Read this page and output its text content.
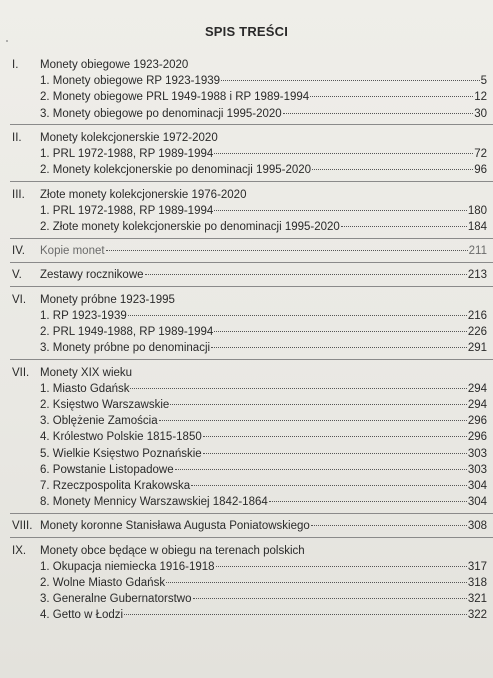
SPIS TREŚCI
I.	Monety obiegowe 1923-2020
1. Monety obiegowe RP 1923-1939	5
2. Monety obiegowe PRL 1949-1988 i RP 1989-1994	12
3. Monety obiegowe po denominacji 1995-2020	30
II.	Monety kolekcjonerskie 1972-2020
1. PRL 1972-1988, RP 1989-1994	72
2. Monety kolekcjonerskie po denominacji 1995-2020	96
III.	Złote monety kolekcjonerskie 1976-2020
1. PRL 1972-1988, RP 1989-1994	180
2. Złote monety kolekcjonerskie po denominacji 1995-2020	184
IV.	Kopie monet	211
V.	Zestawy rocznikowe	213
VI.	Monety próbne 1923-1995
1. RP 1923-1939	216
2. PRL 1949-1988, RP 1989-1994	226
3. Monety próbne po denominacji	291
VII. Monety XIX wieku
1. Miasto Gdańsk	294
2. Księstwo Warszawskie	294
3. Oblężenie Zamościa	296
4. Królestwo Polskie 1815-1850	296
5. Wielkie Księstwo Poznańskie	303
6. Powstanie Listopadowe	303
7. Rzeczpospolita Krakowska	304
8. Monety Mennicy Warszawskiej 1842-1864	304
VIII. Monety koronne Stanisława Augusta Poniatowskiego	308
IX.	Monety obce będące w obiegu na terenach polskich
1. Okupacja niemiecka 1916-1918	317
2. Wolne Miasto Gdańsk	318
3. Generalne Gubernatorstwo	321
4. Getto w Łodzi	322
